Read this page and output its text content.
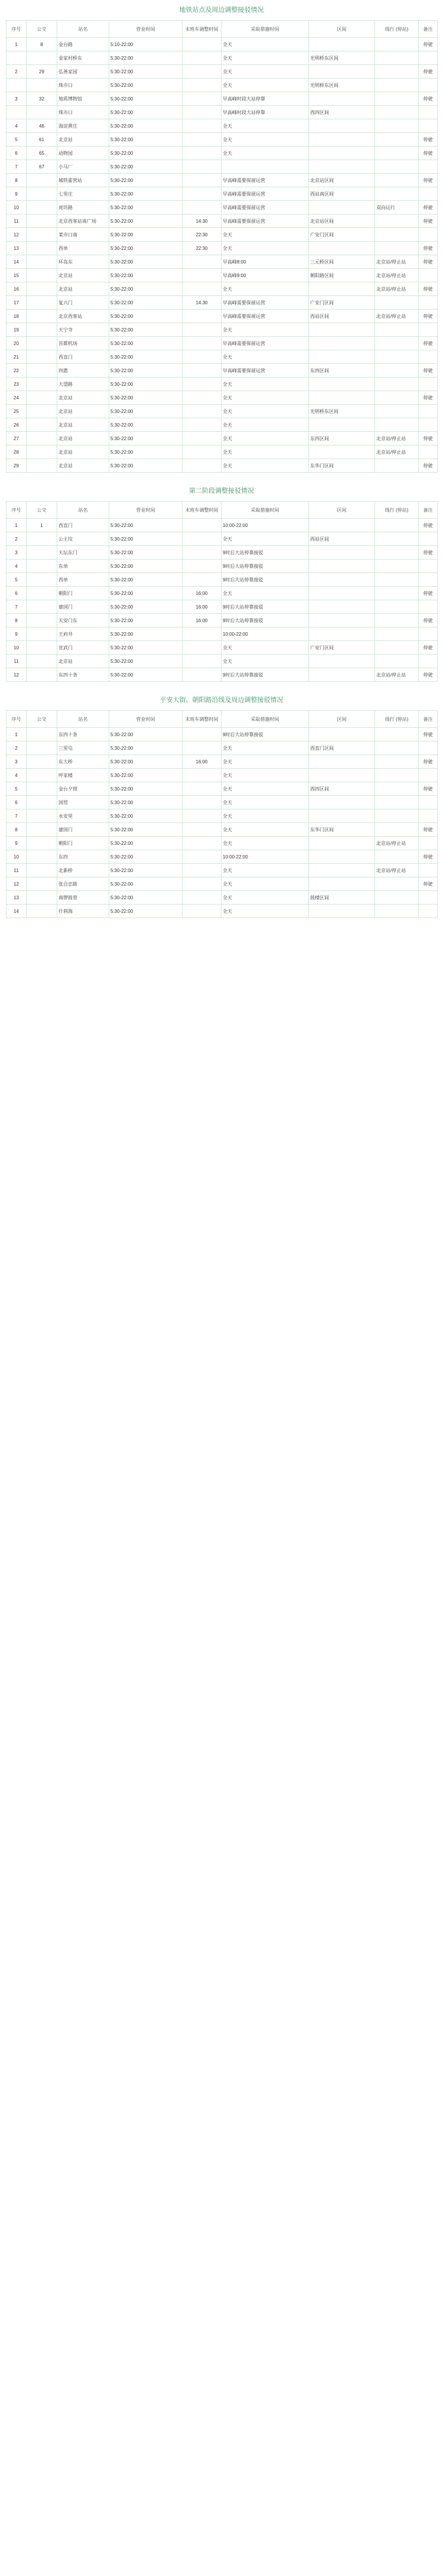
地铁站点及周边调整接驳情况
序号	公交	站名	营业时间	末班车调整时间	采取措施时间	区间	线行 (停站)	备注
1	8	金台路	5:10-22:00		全天			停驶
		金家村桥东	5:30-22:00		全天	光明桥东区间		
2	29	弘善家园	5:30-22:00		全天			停驶
		珠市口	5:30-22:00		全天	光明桥东区间		
3	32	地质博物馆	5:30-22:00		早高峰时段大站停靠			停驶
		珠市口	5:30-22:00		早高峰时段大站停靠	西四区间		
4	46	海淀黄庄	5:30-22:00		全天			
5	61	北京站	5:30-22:00		全天			停驶
6	65	动物园	5:30-22:00		全天			停驶
7	67	小马厂	5:30-22:00					
8		城铁霍营站	5:30-22:00		早高峰需要保留运营	北京站区间		停驶
9		七里庄	5:30-22:00		早高峰需要保留运营	西站南区间		
10		虎坊路	5:30-22:00		早高峰需要保留运营		双向运行	停驶
11		北京西客站南广场	5:30-22:00	14:30	早高峰需要保留运营	北京站区间		停驶
12		菜市口南	5:30-22:00	22:30	全天	广安门区间		
13		西单	5:30-22:00	22:30	全天			停驶
14		环岛东	5:30-22:00		早高峰8:00	三元桥区间	北京站/停止站	停驶
15		北京站	5:30-22:00		早高峰9:00	朝阳路区间	北京站/停止站	
16		北京站	5:30-22:00		全天		北京站/停止站	停驶
17		复兴门	5:30-22:00	14:30	早高峰需要保留运营	广安门区间		
18		北京西客站	5:30-22:00		早高峰需要保留运营	西站区间	北京站/停止站	停驶
19		天宁寺	5:30-22:00		全天			
20		首都机场	5:30-22:00		早高峰需要保留运营			停驶
21		西直门	5:30-22:00		全天			
22		四惠	5:30-22:00		早高峰需要保留运营	东四区间		停驶
23		大望路	5:30-22:00		全天			
24		北京站	5:30-22:00		全天			停驶
25		北京站	5:30-22:00		全天	光明桥东区间		
26		北京站	5:30-22:00		全天			
27		北京站	5:30-22:00		全天	东四区间	北京站/停止站	停驶
28		北京站	5:30-22:00		全天		北京站/停止站	
29		北京站	5:30-22:00		全天	东华门区间		停驶
第二阶段调整接驳情况
序号	公交	站名	营业时间	末班车调整时间	采取措施时间	区间	线行 (停站)	备注
1	1	西直门	5:30-22:00		10:00-22:00			停驶
2		公主坟	5:30-22:00		全天	西站区间		
3		天坛东门	5:30-22:00		9时后大站停靠接驳			停驶
4		东单	5:30-22:00		9时后大站停靠接驳			
5		西单	5:30-22:00		9时后大站停靠接驳			
6		朝阳门	5:30-22:00	16:00	全天			停驶
7		建国门	5:30-22:00	16:00	9时后大站停靠接驳			
8		天安门东	5:30-22:00	16:00	9时后大站停靠接驳			停驶
9		王府井	5:30-22:00		10:00-22:00			
10		宣武门	5:30-22:00		全天	广安门区间		停驶
11		北京站	5:30-22:00		全天			
12		东四十条	5:30-22:00		9时后大站停靠接驳		北京站/停止站	停驶
平安大街、朝阳路沿线及周边调整接驳情况
序号	公交	站名	营业时间	末班车调整时间	采取措施时间	区间	线行 (停站)	备注
1		东四十条	5:30-22:00		9时后大站停靠接驳			停驶
2		三里屯	5:30-22:00		全天	西直门区间		
3		东大桥	5:30-22:00	16:00	全天			停驶
4		呼家楼	5:30-22:00		全天			
5		金台夕照	5:30-22:00		全天	西四区间		停驶
6		国贸	5:30-22:00		全天			
7		永安里	5:30-22:00		全天			
8		建国门	5:30-22:00		全天	东华门区间		停驶
9		朝阳门	5:30-22:00		全天		北京站/停止站	
10		东四	5:30-22:00		10:00-22:00			停驶
11		北新桥	5:30-22:00		全天		北京站/停止站	
12		张自忠路	5:30-22:00		全天			停驶
13		南锣鼓巷	5:30-22:00		全天	鼓楼区间		
14		什刹海	5:30-22:00		全天			
